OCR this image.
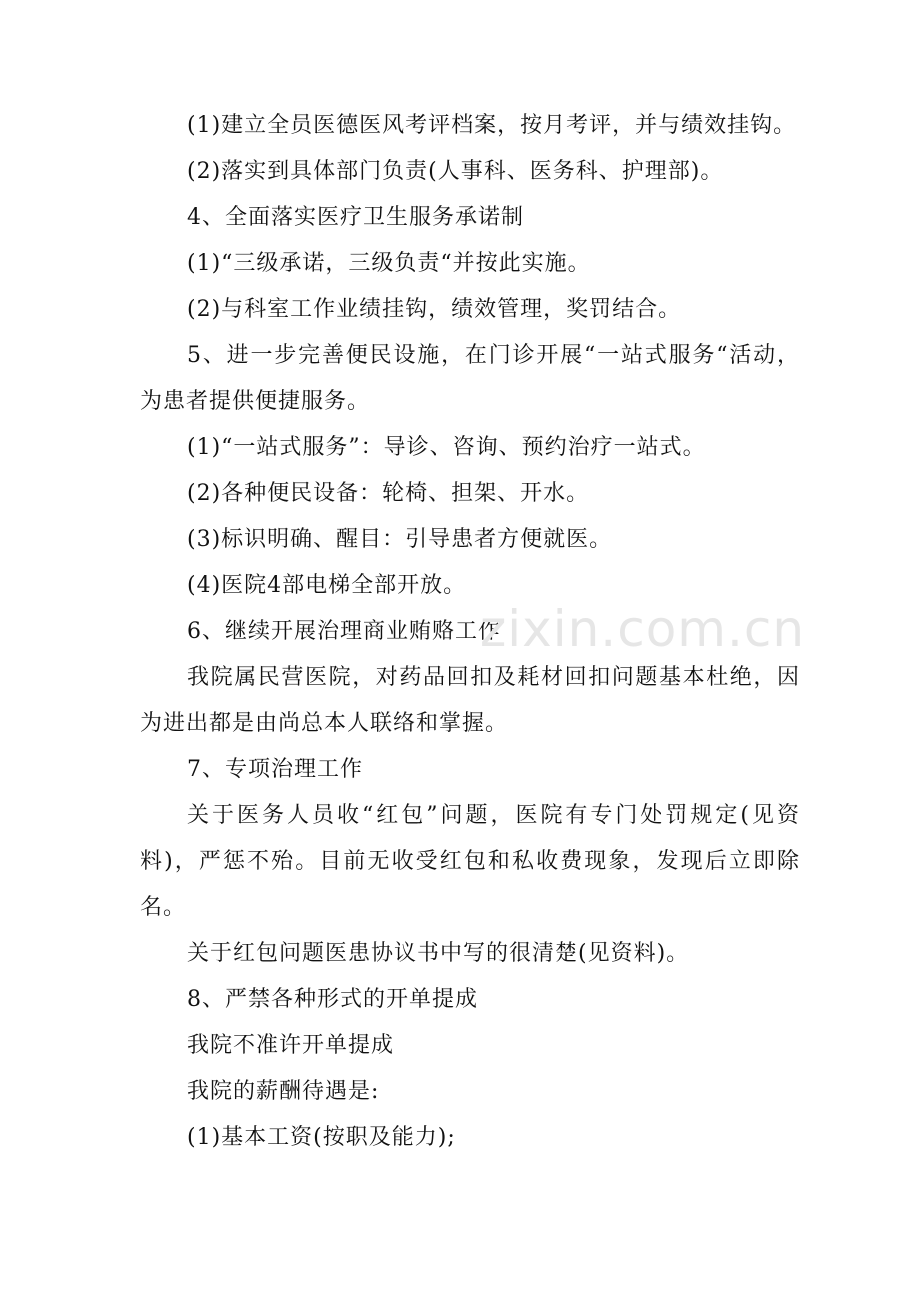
(1)建立全员医德医风考评档案，按月考评，并与绩效挂钩。

(2)落实到具体部门负责(人事科、医务科、护理部)。

4、全面落实医疗卫生服务承诺制

(1)“三级承诺，三级负责“并按此实施。

(2)与科室工作业绩挂钩，绩效管理，奖罚结合。

5、进一步完善便民设施，在门诊开展“一站式服务“活动，为患者提供便捷服务。

(1)“一站式服务”：导诊、咨询、预约治疗一站式。

(2)各种便民设备：轮椅、担架、开水。

(3)标识明确、醒目：引导患者方便就医。

(4)医院4部电梯全部开放。

6、继续开展治理商业贿赂工作

我院属民营医院，对药品回扣及耗材回扣问题基本杜绝，因为进出都是由尚总本人联络和掌握。

7、专项治理工作

关于医务人员收“红包”问题，医院有专门处罚规定(见资料)，严惩不殆。目前无收受红包和私收费现象，发现后立即除名。

关于红包问题医患协议书中写的很清楚(见资料)。

8、严禁各种形式的开单提成

我院不准许开单提成

我院的薪酬待遇是:

(1)基本工资(按职及能力);

zixin.com.cn
